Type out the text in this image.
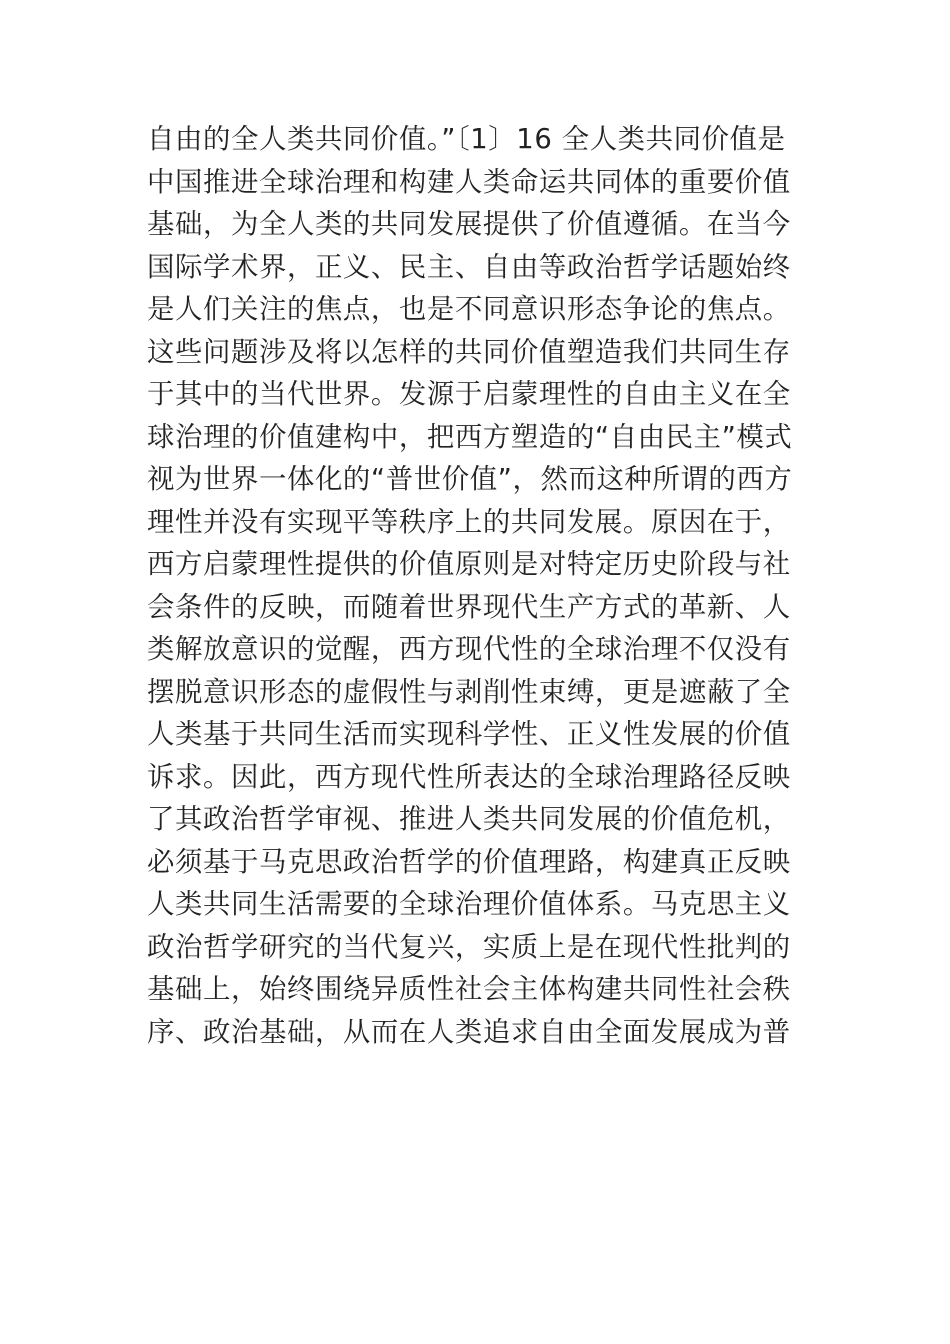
自由的全人类共同价值。”〔1〕16 全人类共同价值是
中国推进全球治理和构建人类命运共同体的重要价值
基础，为全人类的共同发展提供了价值遵循。在当今
国际学术界，正义、民主、自由等政治哲学话题始终
是人们关注的焦点，也是不同意识形态争论的焦点。
这些问题涉及将以怎样的共同价值塑造我们共同生存
于其中的当代世界。发源于启蒙理性的自由主义在全
球治理的价值建构中，把西方塑造的“自由民主”模式
视为世界一体化的“普世价值”，然而这种所谓的西方
理性并没有实现平等秩序上的共同发展。原因在于，
西方启蒙理性提供的价值原则是对特定历史阶段与社
会条件的反映，而随着世界现代生产方式的革新、人
类解放意识的觉醒，西方现代性的全球治理不仅没有
摆脱意识形态的虚假性与剥削性束缚，更是遮蔽了全
人类基于共同生活而实现科学性、正义性发展的价值
诉求。因此，西方现代性所表达的全球治理路径反映
了其政治哲学审视、推进人类共同发展的价值危机，
必须基于马克思政治哲学的价值理路，构建真正反映
人类共同生活需要的全球治理价值体系。马克思主义
政治哲学研究的当代复兴，实质上是在现代性批判的
基础上，始终围绕异质性社会主体构建共同性社会秩
序、政治基础，从而在人类追求自由全面发展成为普
